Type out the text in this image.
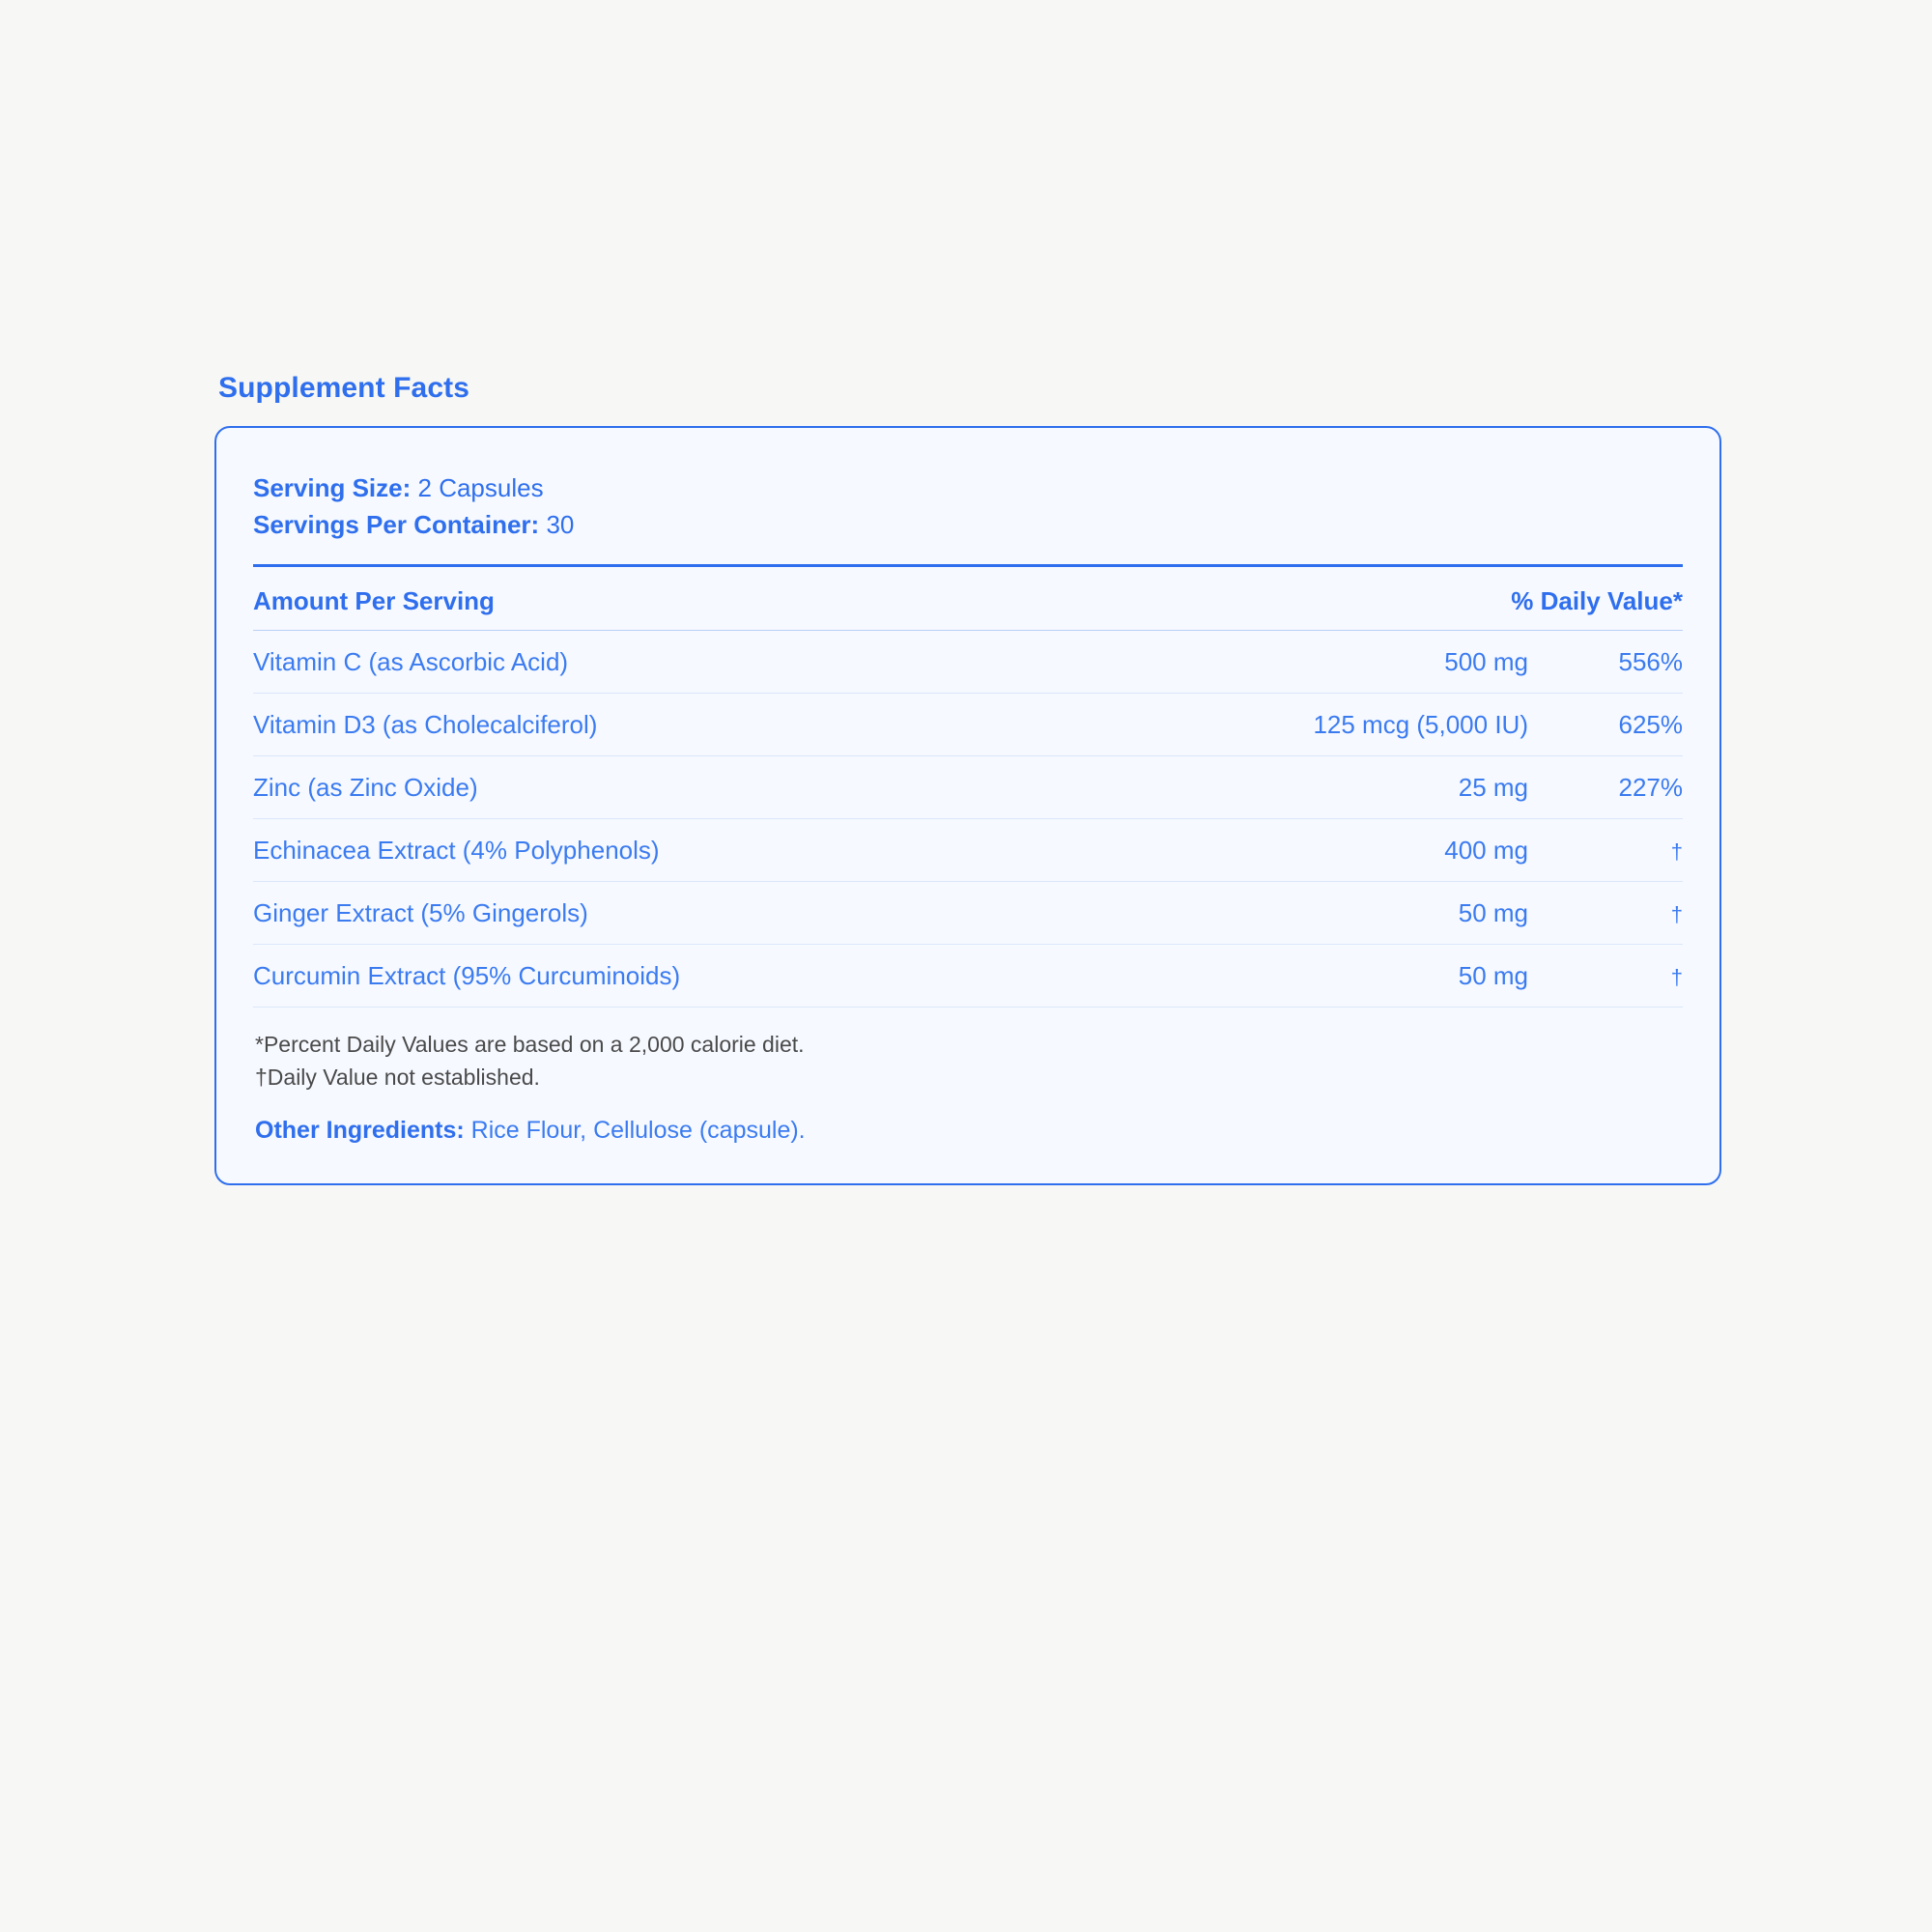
Supplement Facts
Serving Size: 2 Capsules
Servings Per Container: 30
Amount Per Serving	% Daily Value*
Vitamin C (as Ascorbic Acid)	500 mg	556%
Vitamin D3 (as Cholecalciferol)	125 mcg (5,000 IU)	625%
Zinc (as Zinc Oxide)	25 mg	227%
Echinacea Extract (4% Polyphenols)	400 mg	†
Ginger Extract (5% Gingerols)	50 mg	†
Curcumin Extract (95% Curcuminoids)	50 mg	†
*Percent Daily Values are based on a 2,000 calorie diet.
†Daily Value not established.
Other Ingredients: Rice Flour, Cellulose (capsule).
